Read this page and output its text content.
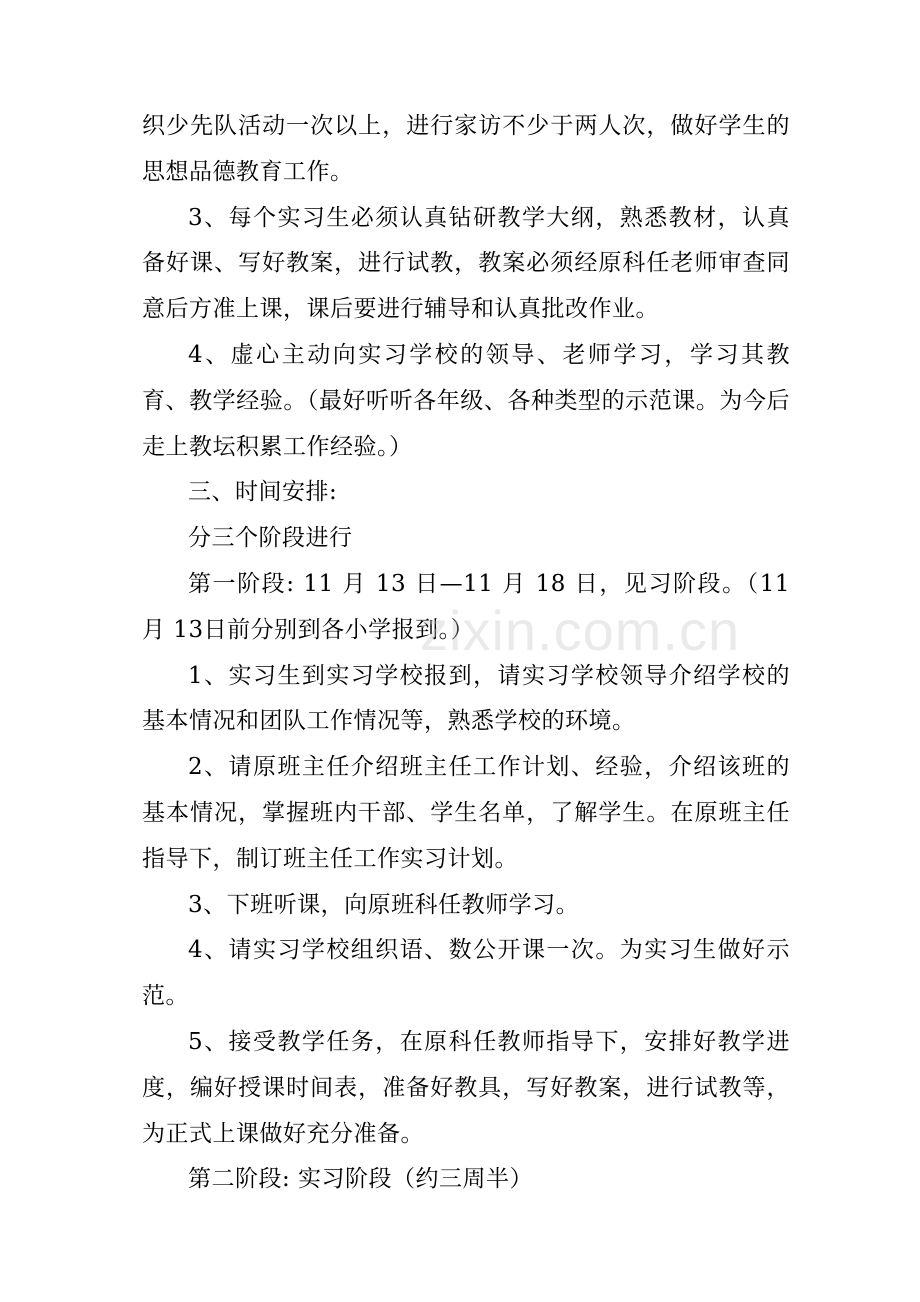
织少先队活动一次以上，进行家访不少于两人次，做好学生的思想品德教育工作。

3、每个实习生必须认真钻研教学大纲，熟悉教材，认真备好课、写好教案，进行试教，教案必须经原科任老师审查同意后方准上课，课后要进行辅导和认真批改作业。

4、虚心主动向实习学校的领导、老师学习，学习其教育、教学经验。（最好听听各年级、各种类型的示范课。为今后走上教坛积累工作经验。）

三、时间安排:

分三个阶段进行

第一阶段: 11 月 13 日—11 月 18 日，见习阶段。（11 月 13日前分别到各小学报到。）

1、实习生到实习学校报到，请实习学校领导介绍学校的基本情况和团队工作情况等，熟悉学校的环境。

2、请原班主任介绍班主任工作计划、经验，介绍该班的基本情况，掌握班内干部、学生名单，了解学生。在原班主任指导下，制订班主任工作实习计划。

3、下班听课，向原班科任教师学习。

4、请实习学校组织语、数公开课一次。为实习生做好示范。

5、接受教学任务，在原科任教师指导下，安排好教学进度，编好授课时间表，准备好教具，写好教案，进行试教等，为正式上课做好充分准备。

第二阶段: 实习阶段（约三周半）

zixin.com.cn
